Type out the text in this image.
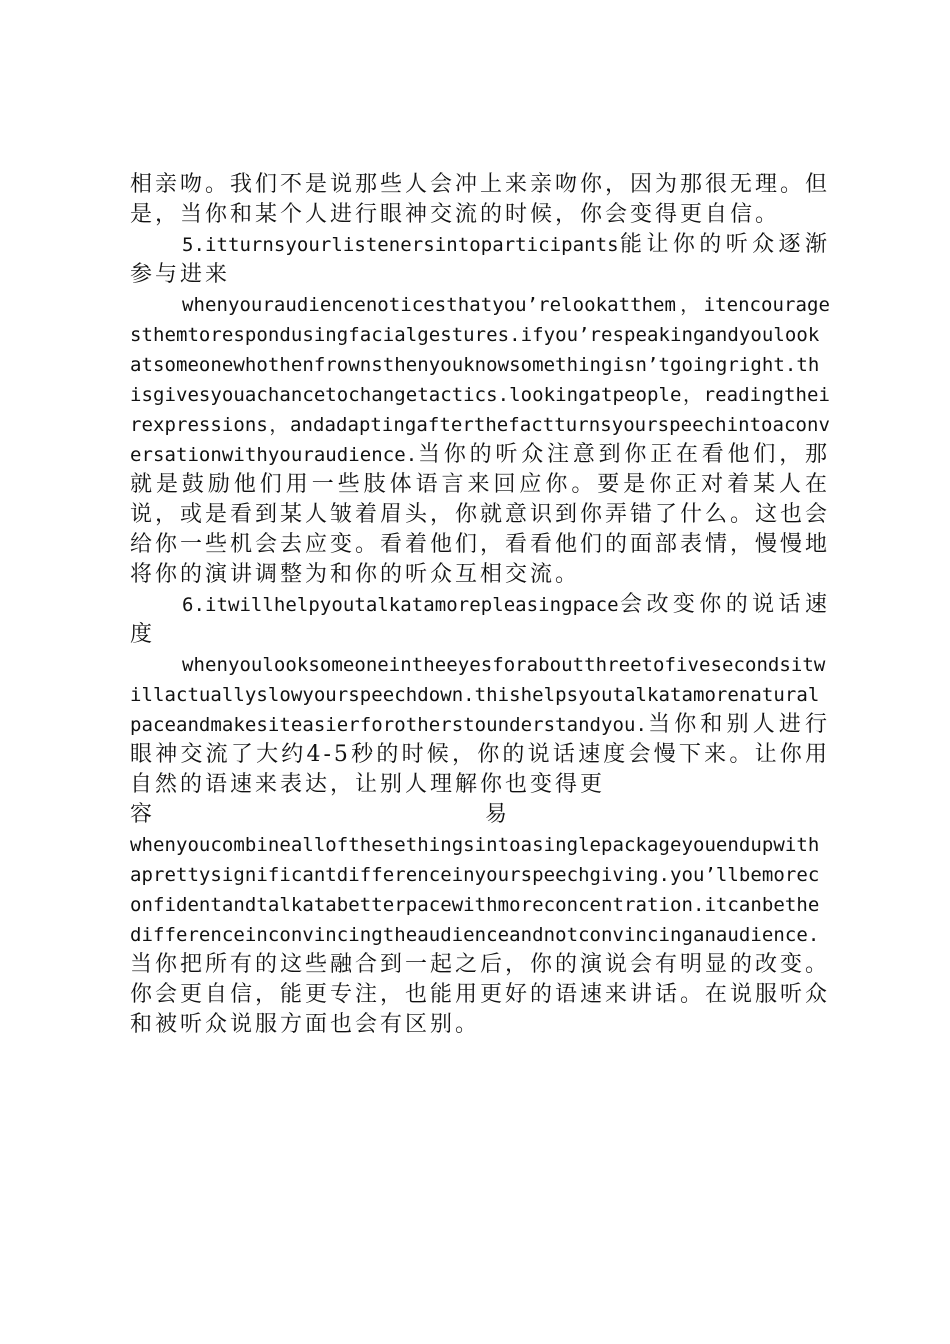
相亲吻。我们不是说那些人会冲上来亲吻你，因为那很无理。但是，当你和某个人进行眼神交流的时候，你会变得更自信。

5.itturnsyourlistenersintoparticipants能让你的听众逐渐参与进来

whenyouraudiencenoticesthatyou’relookatthem，itencouragesthemtorespondusingfacialgestures.ifyou’respeakingandyoulookatsomeonewhothenfrownsthenyouknowsomethingisn’tgoingright.thisgivesyouachancetochangetactics.lookingatpeople，readingtheirexpressions，andadaptingafterthefactturnsyourspeechintoaconversationwithyouraudience.当你的听众注意到你正在看他们，那就是鼓励他们用一些肢体语言来回应你。要是你正对着某人在说，或是看到某人皱着眉头，你就意识到你弄错了什么。这也会给你一些机会去应变。看着他们，看看他们的面部表情，慢慢地将你的演讲调整为和你的听众互相交流。

6.itwillhelpyoutalkatamorepleasingpace会改变你的说话速度

whenyoulooksomeoneintheeyesforaboutthreetofivesecondsitwillactuallyslowyourspeechdown.thishelpsyoutalkatamorenaturalpaceandmakesiteasierforotherstounderstandyou.当你和别人进行眼神交流了大约4-5秒的时候，你的说话速度会慢下来。让你用自然的语速来表达，让别人理解你也变得更

容	易

whenyoucombineallofthesethingsintoasinglepackageyouendupwithaprettysignificantdifferenceinyourspeechgiving.you’llbemoreconfidentandtalkatabetterpacewithmoreconcentration.itcanbethedifferenceinconvincingtheaudienceandnotconvincinganaudience.当你把所有的这些融合到一起之后，你的演说会有明显的改变。你会更自信，能更专注，也能用更好的语速来讲话。在说服听众和被听众说服方面也会有区别。
